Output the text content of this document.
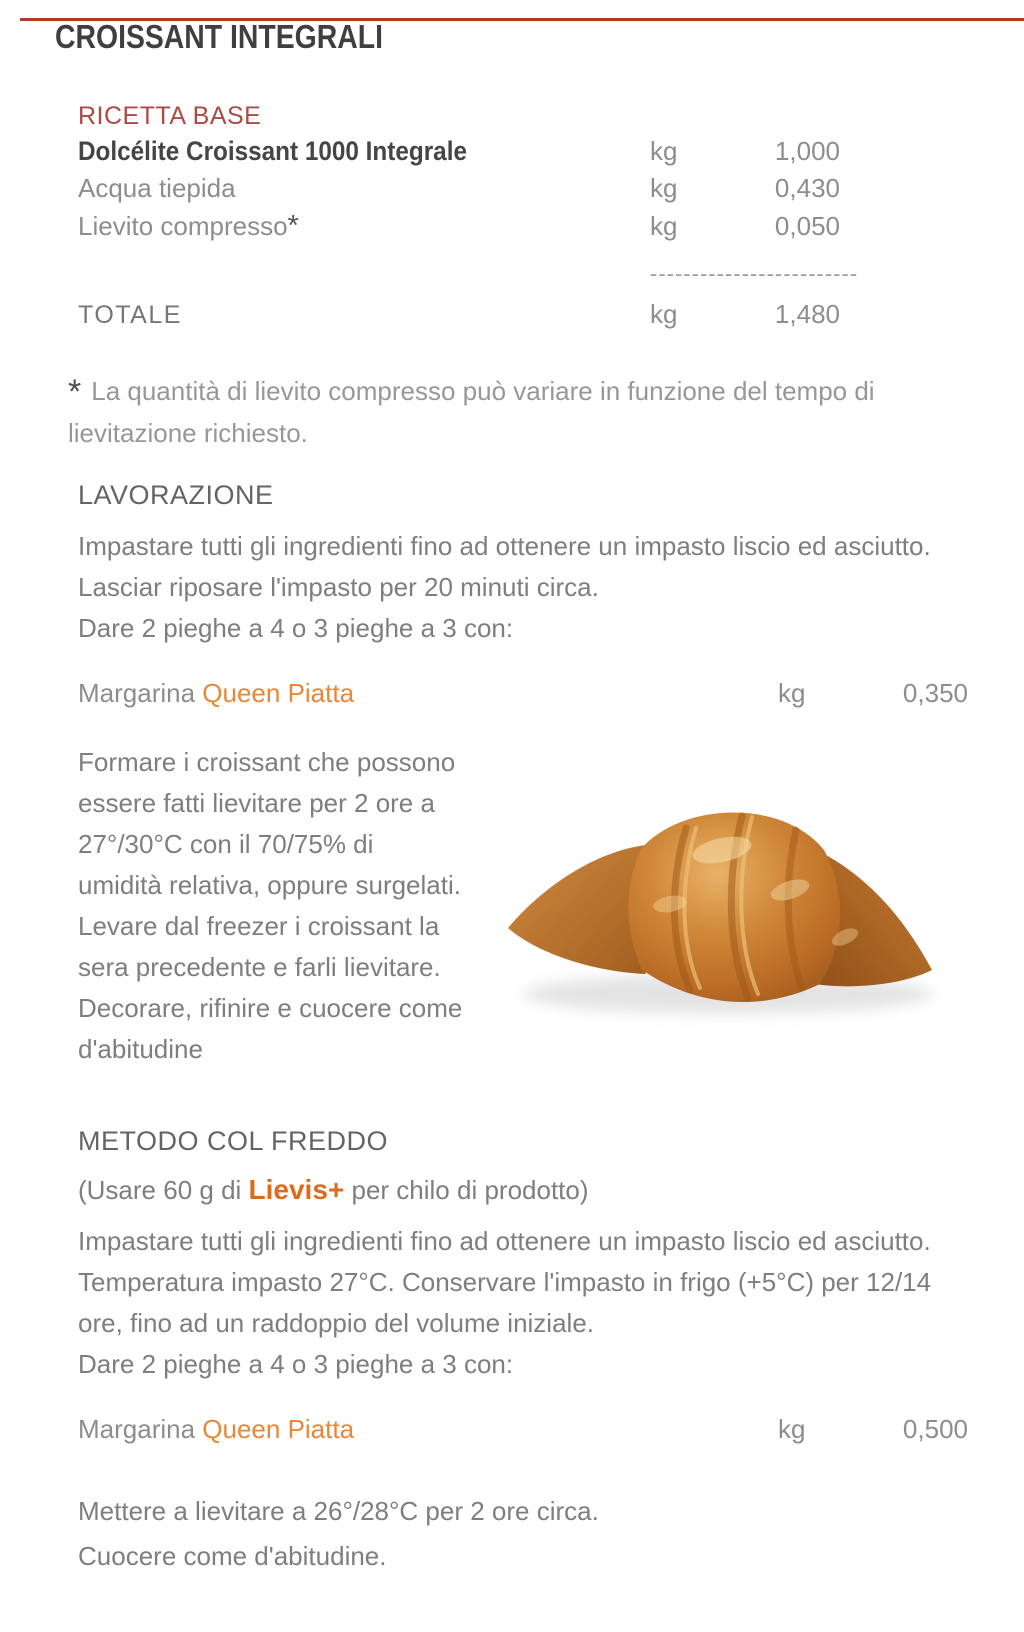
CROISSANT INTEGRALI
RICETTA BASE
Dolcélite Croissant 1000 Integrale	kg	1,000
Acqua tiepida	kg	0,430
Lievito compresso*	kg	0,050
-------------------------
TOTALE	kg	1,480
* La quantità di lievito compresso può variare in funzione del tempo di lievitazione richiesto.
LAVORAZIONE
Impastare tutti gli ingredienti fino ad ottenere un impasto liscio ed asciutto.
Lasciar riposare l'impasto per 20 minuti circa.
Dare 2 pieghe a 4 o 3 pieghe a 3 con:
Margarina Queen Piatta	kg	0,350
Formare i croissant che possono
essere fatti lievitare per 2 ore a
27°/30°C con il 70/75% di
umidità relativa, oppure surgelati.
Levare dal freezer i croissant la
sera precedente e farli lievitare.
Decorare, rifinire e cuocere come
d'abitudine
METODO COL FREDDO
(Usare 60 g di Lievis+ per chilo di prodotto)
Impastare tutti gli ingredienti fino ad ottenere un impasto liscio ed asciutto.
Temperatura impasto 27°C. Conservare l'impasto in frigo (+5°C) per 12/14
ore, fino ad un raddoppio del volume iniziale.
Dare 2 pieghe a 4 o 3 pieghe a 3 con:
Margarina Queen Piatta	kg	0,500
Mettere a lievitare a 26°/28°C per 2 ore circa.
Cuocere come d'abitudine.
